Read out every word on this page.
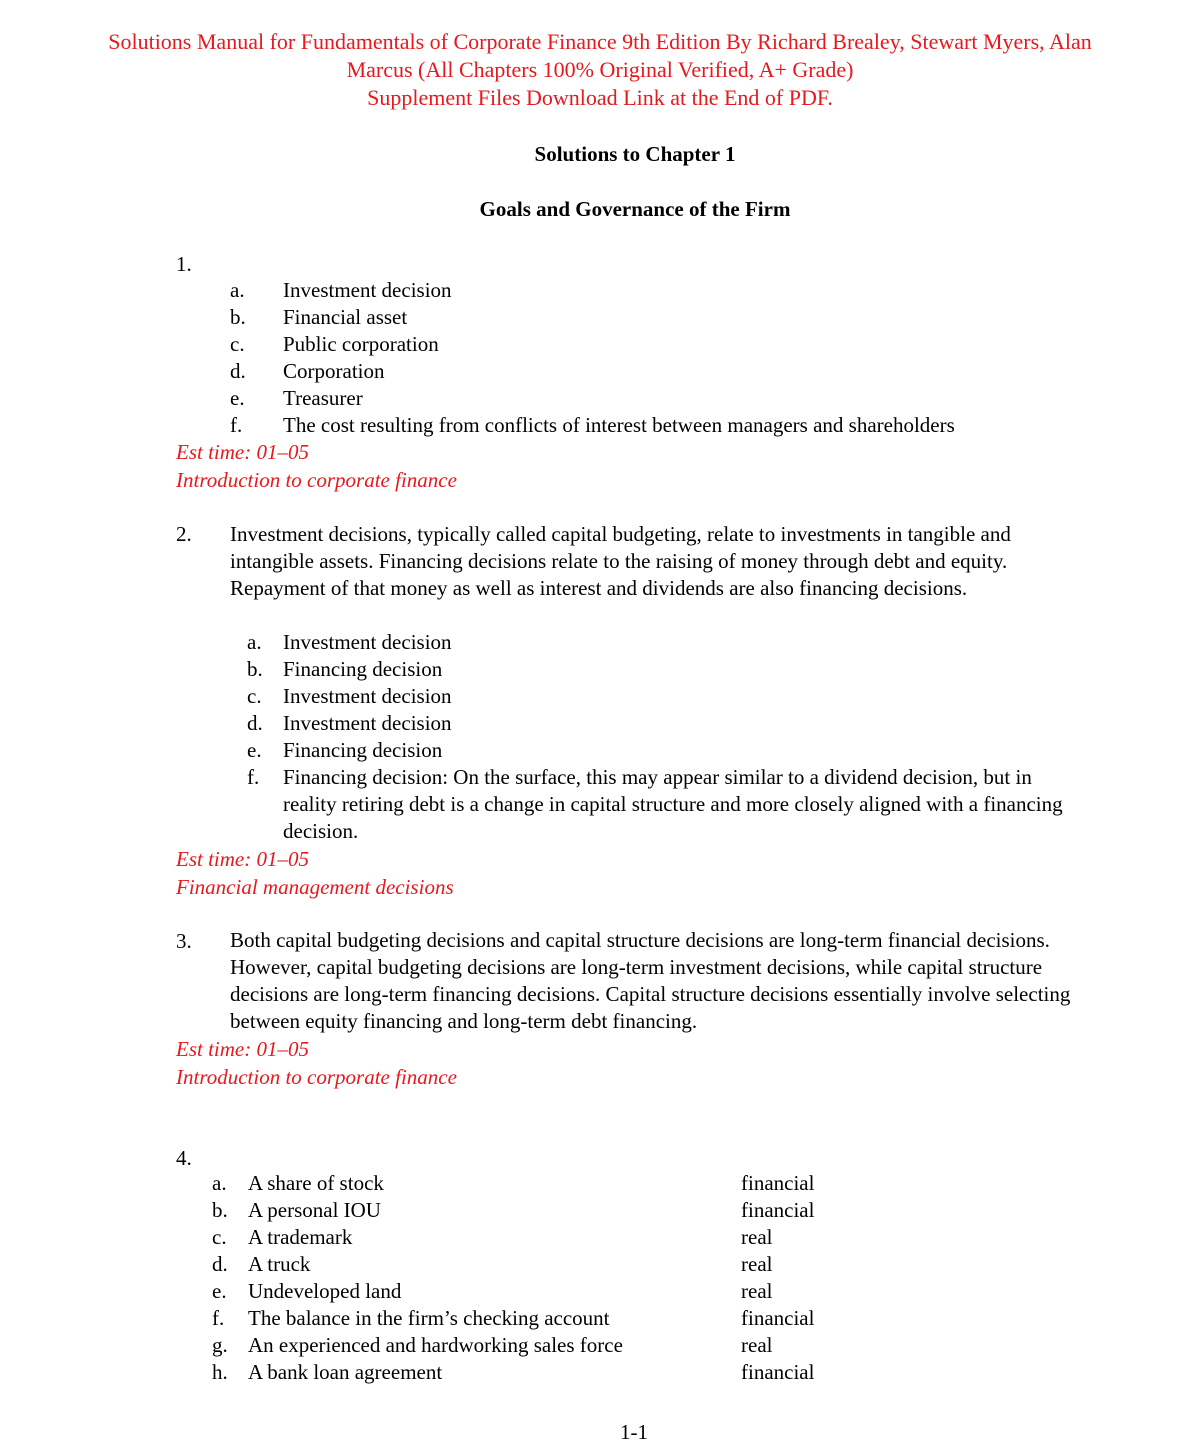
Solutions Manual for Fundamentals of Corporate Finance 9th Edition By Richard Brealey, Stewart Myers, Alan
Marcus (All Chapters 100% Original Verified, A+ Grade)
Supplement Files Download Link at the End of PDF.
Solutions to Chapter 1
Goals and Governance of the Firm
1.
a. Investment decision
b. Financial asset
c. Public corporation
d. Corporation
e. Treasurer
f. The cost resulting from conflicts of interest between managers and shareholders
Est time: 01–05
Introduction to corporate finance
2. Investment decisions, typically called capital budgeting, relate to investments in tangible and intangible assets. Financing decisions relate to the raising of money through debt and equity. Repayment of that money as well as interest and dividends are also financing decisions.
a. Investment decision
b. Financing decision
c. Investment decision
d. Investment decision
e. Financing decision
f. Financing decision: On the surface, this may appear similar to a dividend decision, but in reality retiring debt is a change in capital structure and more closely aligned with a financing decision.
Est time: 01–05
Financial management decisions
3. Both capital budgeting decisions and capital structure decisions are long-term financial decisions. However, capital budgeting decisions are long-term investment decisions, while capital structure decisions are long-term financing decisions. Capital structure decisions essentially involve selecting between equity financing and long-term debt financing.
Est time: 01–05
Introduction to corporate finance
4.
a. A share of stock	financial
b. A personal IOU	financial
c. A trademark	real
d. A truck	real
e. Undeveloped land	real
f. The balance in the firm’s checking account	financial
g. An experienced and hardworking sales force	real
h. A bank loan agreement	financial
1-1
